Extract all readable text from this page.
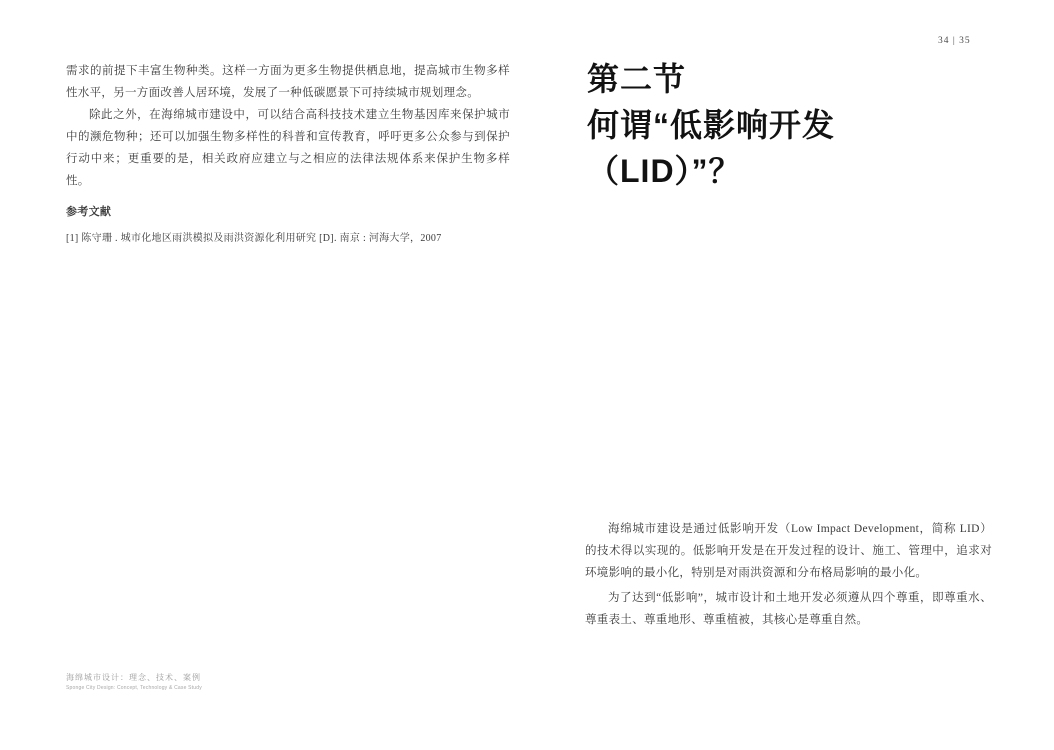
34 | 35

需求的前提下丰富生物种类。这样一方面为更多生物提供栖息地，提高城市生物多样性水平，另一方面改善人居环境，发展了一种低碳愿景下可持续城市规划理念。

除此之外，在海绵城市建设中，可以结合高科技技术建立生物基因库来保护城市中的濒危物种；还可以加强生物多样性的科普和宣传教育，呼吁更多公众参与到保护行动中来；更重要的是，相关政府应建立与之相应的法律法规体系来保护生物多样性。

参考文献
[1] 陈守珊 . 城市化地区雨洪模拟及雨洪资源化利用研究 [D]. 南京 : 河海大学，2007
海绵城市设计：理念、技术、案例
Sponge City Design: Concept, Technology & Case Study
第二节
何谓“低影响开发
（LID）”？

海绵城市建设是通过低影响开发（Low Impact Development，简称 LID）的技术得以实现的。低影响开发是在开发过程的设计、施工、管理中，追求对环境影响的最小化，特别是对雨洪资源和分布格局影响的最小化。

为了达到“低影响”，城市设计和土地开发必须遵从四个尊重，即尊重水、尊重表土、尊重地形、尊重植被，其核心是尊重自然。
